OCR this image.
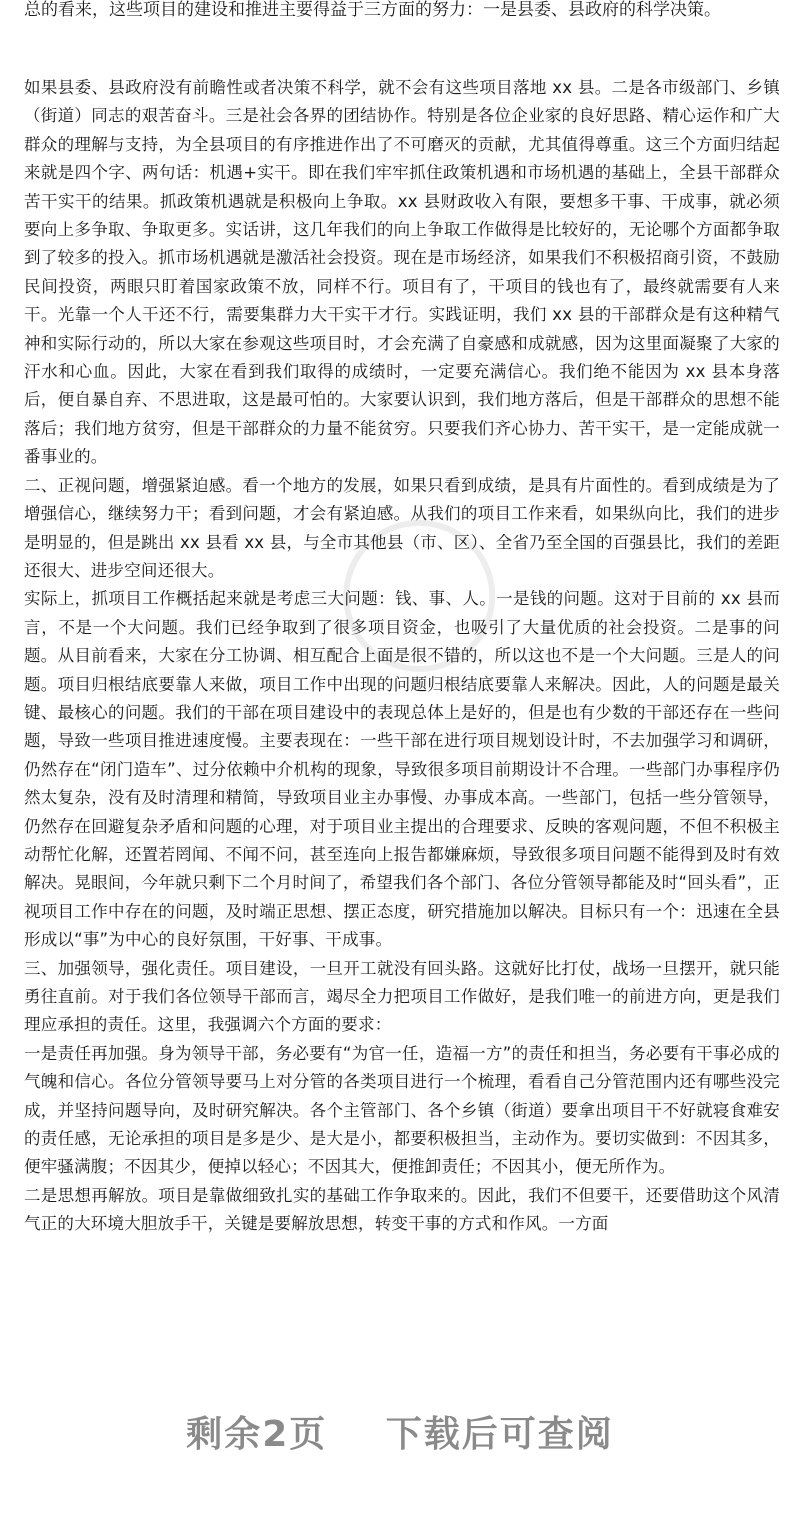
总的看来，这些项目的建设和推进主要得益于三方面的努力：一是县委、县政府的科学决策。

如果县委、县政府没有前瞻性或者决策不科学，就不会有这些项目落地 xx 县。二是各市级部门、乡镇（街道）同志的艰苦奋斗。三是社会各界的团结协作。特别是各位企业家的良好思路、精心运作和广大群众的理解与支持，为全县项目的有序推进作出了不可磨灭的贡献，尤其值得尊重。这三个方面归结起来就是四个字、两句话：机遇+实干。即在我们牢牢抓住政策机遇和市场机遇的基础上，全县干部群众苦干实干的结果。抓政策机遇就是积极向上争取。xx 县财政收入有限，要想多干事、干成事，就必须要向上多争取、争取更多。实话讲，这几年我们的向上争取工作做得是比较好的，无论哪个方面都争取到了较多的投入。抓市场机遇就是激活社会投资。现在是市场经济，如果我们不积极招商引资，不鼓励民间投资，两眼只盯着国家政策不放，同样不行。项目有了，干项目的钱也有了，最终就需要有人来干。光靠一个人干还不行，需要集群力大干实干才行。实践证明，我们 xx 县的干部群众是有这种精气神和实际行动的，所以大家在参观这些项目时，才会充满了自豪感和成就感，因为这里面凝聚了大家的汗水和心血。因此，大家在看到我们取得的成绩时，一定要充满信心。我们绝不能因为 xx 县本身落后，便自暴自弃、不思进取，这是最可怕的。大家要认识到，我们地方落后，但是干部群众的思想不能落后；我们地方贫穷，但是干部群众的力量不能贫穷。只要我们齐心协力、苦干实干，是一定能成就一番事业的。

二、正视问题，增强紧迫感。看一个地方的发展，如果只看到成绩，是具有片面性的。看到成绩是为了增强信心，继续努力干；看到问题，才会有紧迫感。从我们的项目工作来看，如果纵向比，我们的进步是明显的，但是跳出 xx 县看 xx 县，与全市其他县（市、区）、全省乃至全国的百强县比，我们的差距还很大、进步空间还很大。

实际上，抓项目工作概括起来就是考虑三大问题：钱、事、人。一是钱的问题。这对于目前的 xx 县而言，不是一个大问题。我们已经争取到了很多项目资金，也吸引了大量优质的社会投资。二是事的问题。从目前看来，大家在分工协调、相互配合上面是很不错的，所以这也不是一个大问题。三是人的问题。项目归根结底要靠人来做，项目工作中出现的问题归根结底要靠人来解决。因此，人的问题是最关键、最核心的问题。我们的干部在项目建设中的表现总体上是好的，但是也有少数的干部还存在一些问题，导致一些项目推进速度慢。主要表现在：一些干部在进行项目规划设计时，不去加强学习和调研，仍然存在“闭门造车”、过分依赖中介机构的现象，导致很多项目前期设计不合理。一些部门办事程序仍然太复杂，没有及时清理和精简，导致项目业主办事慢、办事成本高。一些部门，包括一些分管领导，仍然存在回避复杂矛盾和问题的心理，对于项目业主提出的合理要求、反映的客观问题，不但不积极主动帮忙化解，还置若罔闻、不闻不问，甚至连向上报告都嫌麻烦，导致很多项目问题不能得到及时有效解决。晃眼间，今年就只剩下二个月时间了，希望我们各个部门、各位分管领导都能及时“回头看”，正视项目工作中存在的问题，及时端正思想、摆正态度，研究措施加以解决。目标只有一个：迅速在全县形成以“事”为中心的良好氛围，干好事、干成事。

三、加强领导，强化责任。项目建设，一旦开工就没有回头路。这就好比打仗，战场一旦摆开，就只能勇往直前。对于我们各位领导干部而言，竭尽全力把项目工作做好，是我们唯一的前进方向，更是我们理应承担的责任。这里，我强调六个方面的要求：

一是责任再加强。身为领导干部，务必要有“为官一任，造福一方”的责任和担当，务必要有干事必成的气魄和信心。各位分管领导要马上对分管的各类项目进行一个梳理，看看自己分管范围内还有哪些没完成，并坚持问题导向，及时研究解决。各个主管部门、各个乡镇（街道）要拿出项目干不好就寝食难安的责任感，无论承担的项目是多是少、是大是小，都要积极担当，主动作为。要切实做到：不因其多，便牢骚满腹；不因其少，便掉以轻心；不因其大，便推卸责任；不因其小，便无所作为。

二是思想再解放。项目是靠做细致扎实的基础工作争取来的。因此，我们不但要干，还要借助这个风清气正的大环境大胆放手干，关键是要解放思想，转变干事的方式和作风。一方面

剩余2页 下载后可查阅
